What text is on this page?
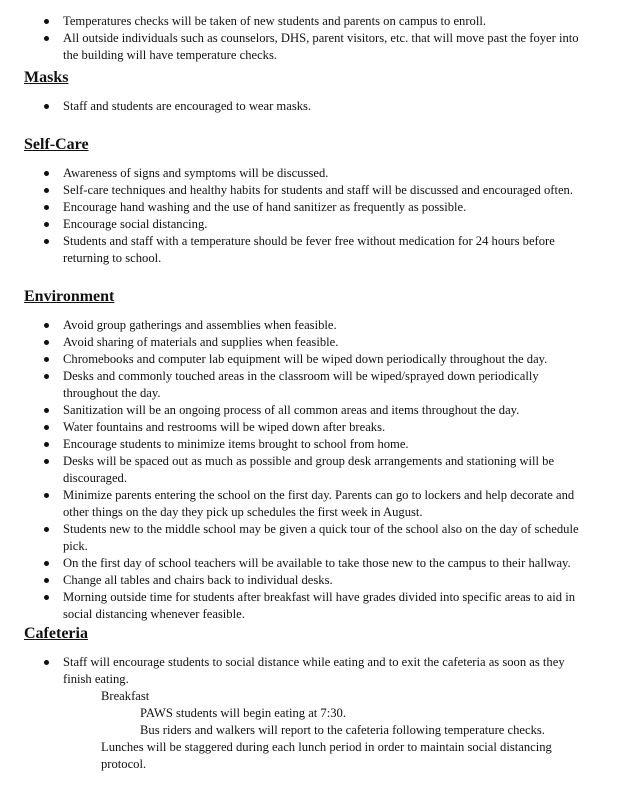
Temperatures checks will be taken of new students and parents on campus to enroll.
All outside individuals such as counselors, DHS, parent visitors, etc. that will move past the foyer into the building will have temperature checks.
Masks
Staff and students are encouraged to wear masks.
Self-Care
Awareness of signs and symptoms will be discussed.
Self-care techniques and healthy habits for students and staff will be discussed and encouraged often.
Encourage hand washing and the use of hand sanitizer as frequently as possible.
Encourage social distancing.
Students and staff with a temperature should be fever free without medication for 24 hours before returning to school.
Environment
Avoid group gatherings and assemblies when feasible.
Avoid sharing of materials and supplies when feasible.
Chromebooks and computer lab equipment will be wiped down periodically throughout the day.
Desks and commonly touched areas in the classroom will be wiped/sprayed down periodically throughout the day.
Sanitization will be an ongoing process of all common areas and items throughout the day.
Water fountains and restrooms will be wiped down after breaks.
Encourage students to minimize items brought to school from home.
Desks will be spaced out as much as possible and group desk arrangements and stationing will be discouraged.
Minimize parents entering the school on the first day. Parents can go to lockers and help decorate and other things on the day they pick up schedules the first week in August.
Students new to the middle school may be given a quick tour of the school also on the day of schedule pick.
On the first day of school teachers will be available to take those new to the campus to their hallway.
Change all tables and chairs back to individual desks.
Morning outside time for students after breakfast will have grades divided into specific areas to aid in social distancing whenever feasible.
Cafeteria
Staff will encourage students to social distance while eating and to exit the cafeteria as soon as they finish eating.
Breakfast
PAWS students will begin eating at 7:30.
Bus riders and walkers will report to the cafeteria following temperature checks.
Lunches will be staggered during each lunch period in order to maintain social distancing protocol.
